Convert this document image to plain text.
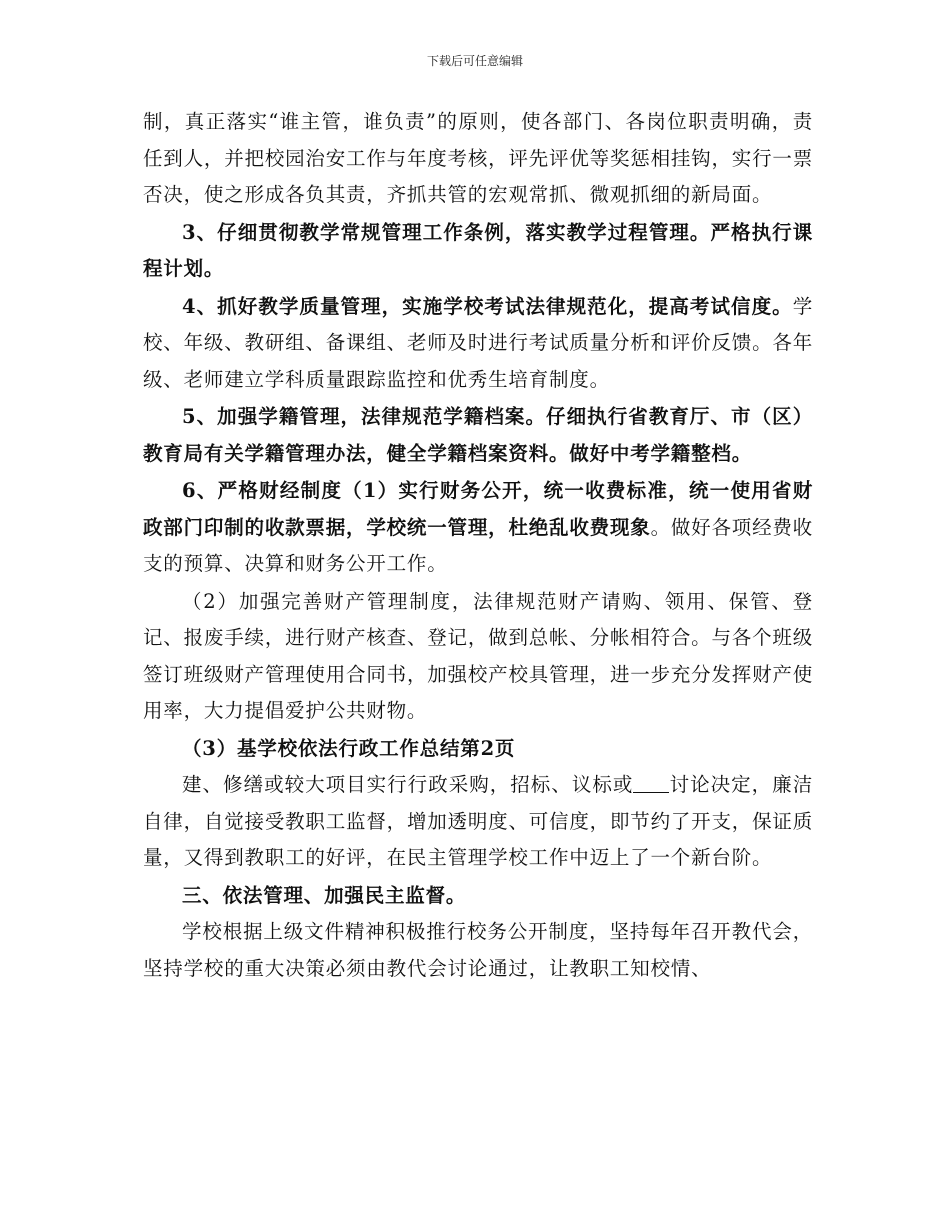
下载后可任意编辑

制，真正落实“谁主管，谁负责”的原则，使各部门、各岗位职责明确，责任到人，并把校园治安工作与年度考核，评先评优等奖惩相挂钩，实行一票否决，使之形成各负其责，齐抓共管的宏观常抓、微观抓细的新局面。

3、仔细贯彻教学常规管理工作条例，落实教学过程管理。严格执行课程计划。

4、抓好教学质量管理，实施学校考试法律规范化，提高考试信度。学校、年级、教研组、备课组、老师及时进行考试质量分析和评价反馈。各年级、老师建立学科质量跟踪监控和优秀生培育制度。

5、加强学籍管理，法律规范学籍档案。仔细执行省教育厅、市（区）教育局有关学籍管理办法，健全学籍档案资料。做好中考学籍整档。

6、严格财经制度（1）实行财务公开，统一收费标准，统一使用省财政部门印制的收款票据，学校统一管理，杜绝乱收费现象。做好各项经费收支的预算、决算和财务公开工作。

（2）加强完善财产管理制度，法律规范财产请购、领用、保管、登记、报废手续，进行财产核查、登记，做到总帐、分帐相符合。与各个班级签订班级财产管理使用合同书，加强校产校具管理，进一步充分发挥财产使用率，大力提倡爱护公共财物。

（3）基学校依法行政工作总结第2页

建、修缮或较大项目实行行政采购，招标、议标或 讨论决定，廉洁自律，自觉接受教职工监督，增加透明度、可信度，即节约了开支，保证质量，又得到教职工的好评，在民主管理学校工作中迈上了一个新台阶。

三、依法管理、加强民主监督。

学校根据上级文件精神积极推行校务公开制度，坚持每年召开教代会，坚持学校的重大决策必须由教代会讨论通过，让教职工知校情、
